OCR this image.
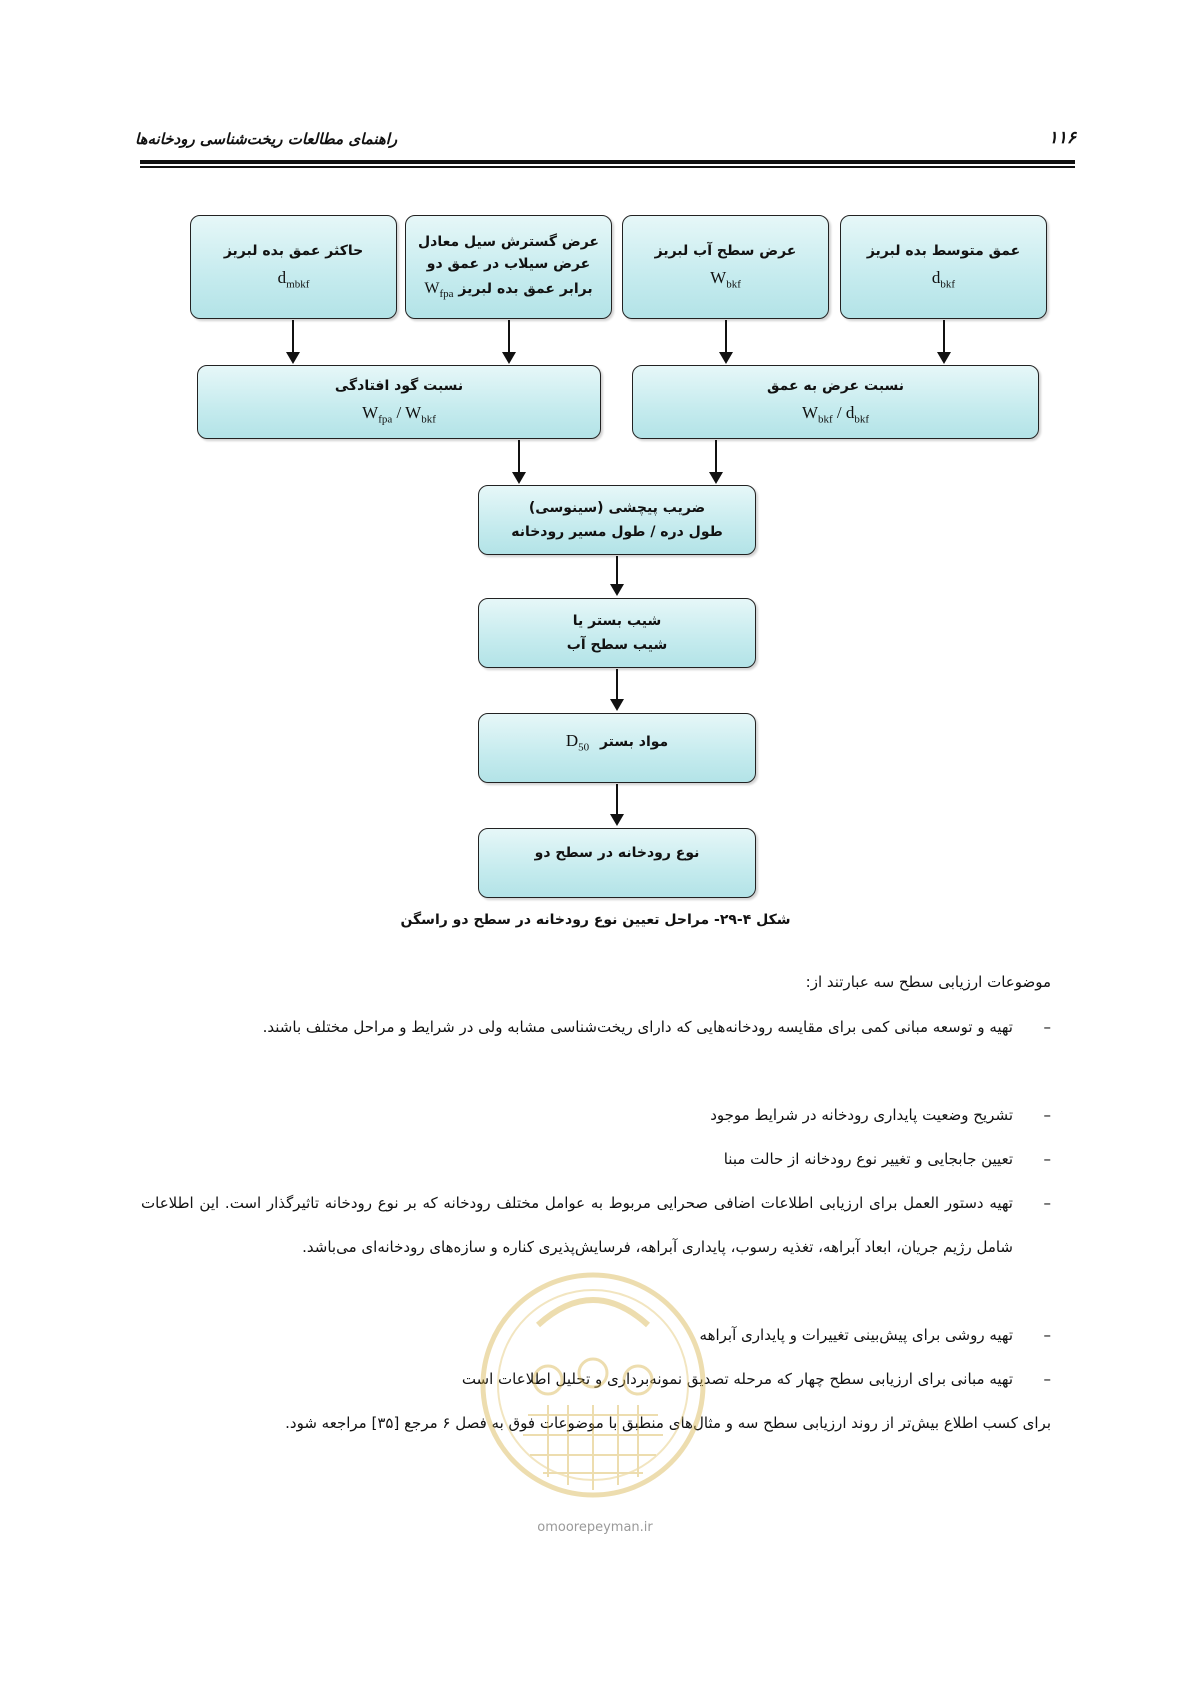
راهنمای مطالعات ریخت‌شناسی رودخانه‌ها	۱۱۶
عمق متوسط بده لبریز
$d_{bkf}$
عرض سطح آب لبریز
$W_{bkf}$
عرض گسترش سیل معادل
عرض سیلاب در عمق دو
برابر عمق بده لبریز $W_{fpa}$
حاکثر عمق بده لبریز
$d_{mbkf}$
نسبت عرض به عمق
$W_{bkf} / d_{bkf}$
نسبت گود افتادگی
$W_{fpa} / W_{bkf}$
ضریب پیچشی (سینوسی)
طول دره / طول مسیر رودخانه
شیب بستر یا
شیب سطح آب
مواد بستر $D_{50}$
نوع رودخانه در سطح دو
شکل ۴-۲۹- مراحل تعیین نوع رودخانه در سطح دو راسگن
موضوعات ارزیابی سطح سه عبارتند از:
–
تهیه و توسعه مبانی کمی برای مقایسه رودخانه‌هایی که دارای ریخت‌شناسی مشابه ولی در شرایط و مراحل مختلف باشند.
–
تشریح وضعیت پایداری رودخانه در شرایط موجود
–
تعیین جابجایی و تغییر نوع رودخانه از حالت مبنا
–
تهیه دستور العمل برای ارزیابی اطلاعات اضافی صحرایی مربوط به عوامل مختلف رودخانه که بر نوع رودخانه تاثیرگذار است. این اطلاعات شامل رژیم جریان، ابعاد آبراهه، تغذیه رسوب، پایداری آبراهه، فرسایش‌پذیری کناره و سازه‌های رودخانه‌ای می‌باشد.
–
تهیه روشی برای پیش‌بینی تغییرات و پایداری آبراهه
–
تهیه مبانی برای ارزیابی سطح چهار که مرحله تصدیق نمونه‌برداری و تحلیل اطلاعات است
برای کسب اطلاع بیش‌تر از روند ارزیابی سطح سه و مثال‌های منطبق با موضوعات فوق به فصل ۶ مرجع [۳۵] مراجعه شود.
omoorepeyman.ir
